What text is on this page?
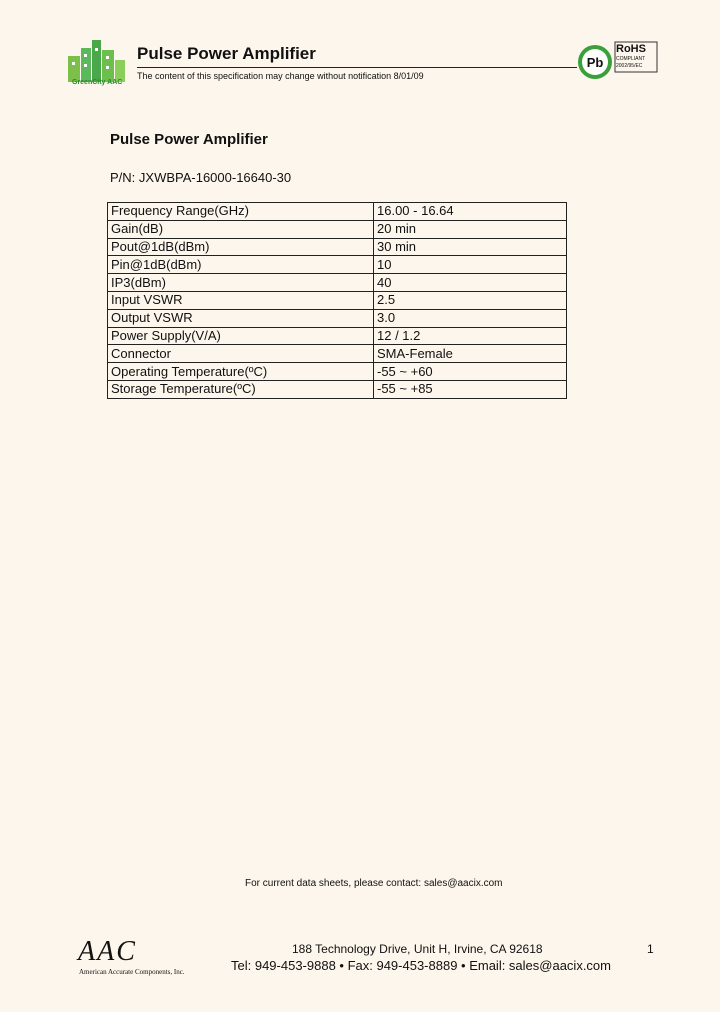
GreenCity AAC
Pulse Power Amplifier
The content of this specification may change without notification 8/01/09
Pb
RoHS
COMPLIANT
2002/95/EC
Pulse Power Amplifier
P/N: JXWBPA-16000-16640-30
Frequency Range(GHz)	16.00 - 16.64
Gain(dB)	20 min
Pout@1dB(dBm)	30 min
Pin@1dB(dBm)	10
IP3(dBm)	40
Input VSWR	2.5
Output VSWR	3.0
Power Supply(V/A)	12 / 1.2
Connector	SMA-Female
Operating Temperature(ºC)	-55 ~ +60
Storage Temperature(ºC)	-55 ~ +85
For current data sheets, please contact: sales@aacix.com
AAC
American Accurate Components, Inc.
188 Technology Drive, Unit H, Irvine, CA 92618
Tel: 949-453-9888 • Fax: 949-453-8889 • Email: sales@aacix.com
1
